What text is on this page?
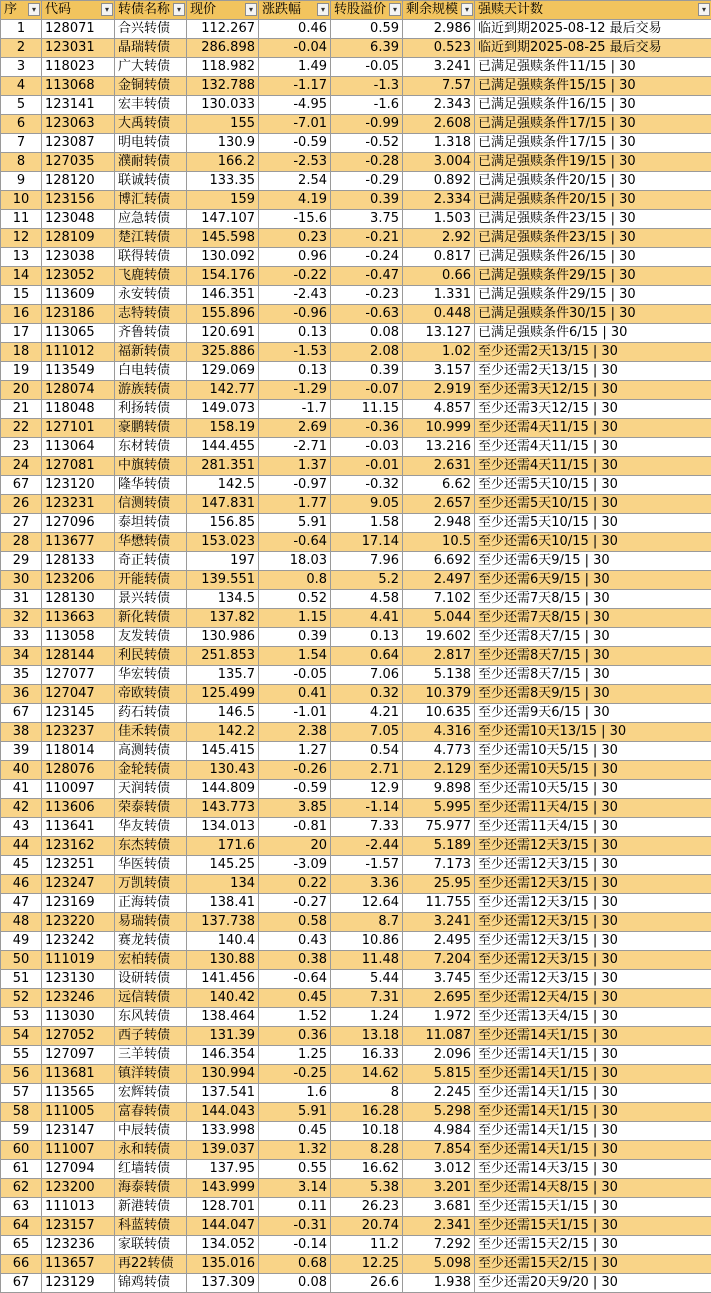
序 ▾	代码 ▾	转债名称 ▾	现价 ▾	涨跌幅 ▾	转股溢价 ▾	剩余规模 ▾	强赎天计数 ▾

1	128071	合兴转债	112.267	0.46	0.59	2.986	临近到期2025-08-12 最后交易
2	123031	晶瑞转债	286.898	-0.04	6.39	0.523	临近到期2025-08-25 最后交易
3	118023	广大转债	118.982	1.49	-0.05	3.241	已满足强赎条件11/15 | 30
4	113068	金铜转债	132.788	-1.17	-1.3	7.57	已满足强赎条件15/15 | 30
5	123141	宏丰转债	130.033	-4.95	-1.6	2.343	已满足强赎条件16/15 | 30
6	123063	大禹转债	155	-7.01	-0.99	2.608	已满足强赎条件17/15 | 30
7	123087	明电转债	130.9	-0.59	-0.52	1.318	已满足强赎条件17/15 | 30
8	127035	濮耐转债	166.2	-2.53	-0.28	3.004	已满足强赎条件19/15 | 30
9	128120	联诚转债	133.35	2.54	-0.29	0.892	已满足强赎条件20/15 | 30
10	123156	博汇转债	159	4.19	0.39	2.334	已满足强赎条件20/15 | 30
11	123048	应急转债	147.107	-15.6	3.75	1.503	已满足强赎条件23/15 | 30
12	128109	楚江转债	145.598	0.23	-0.21	2.92	已满足强赎条件23/15 | 30
13	123038	联得转债	130.092	0.96	-0.24	0.817	已满足强赎条件26/15 | 30
14	123052	飞鹿转债	154.176	-0.22	-0.47	0.66	已满足强赎条件29/15 | 30
15	113609	永安转债	146.351	-2.43	-0.23	1.331	已满足强赎条件29/15 | 30
16	123186	志特转债	155.896	-0.96	-0.63	0.448	已满足强赎条件30/15 | 30
17	113065	齐鲁转债	120.691	0.13	0.08	13.127	已满足强赎条件6/15 | 30
18	111012	福新转债	325.886	-1.53	2.08	1.02	至少还需2天13/15 | 30
19	113549	白电转债	129.069	0.13	0.39	3.157	至少还需2天13/15 | 30
20	128074	游族转债	142.77	-1.29	-0.07	2.919	至少还需3天12/15 | 30
21	118048	利扬转债	149.073	-1.7	11.15	4.857	至少还需3天12/15 | 30
22	127101	豪鹏转债	158.19	2.69	-0.36	10.999	至少还需4天11/15 | 30
23	113064	东材转债	144.455	-2.71	-0.03	13.216	至少还需4天11/15 | 30
24	127081	中旗转债	281.351	1.37	-0.01	2.631	至少还需4天11/15 | 30
67	123120	隆华转债	142.5	-0.97	-0.32	6.62	至少还需5天10/15 | 30
26	123231	信测转债	147.831	1.77	9.05	2.657	至少还需5天10/15 | 30
27	127096	泰坦转债	156.85	5.91	1.58	2.948	至少还需5天10/15 | 30
28	113677	华懋转债	153.023	-0.64	17.14	10.5	至少还需6天10/15 | 30
29	128133	奇正转债	197	18.03	7.96	6.692	至少还需6天9/15 | 30
30	123206	开能转债	139.551	0.8	5.2	2.497	至少还需6天9/15 | 30
31	128130	景兴转债	134.5	0.52	4.58	7.102	至少还需7天8/15 | 30
32	113663	新化转债	137.82	1.15	4.41	5.044	至少还需7天8/15 | 30
33	113058	友发转债	130.986	0.39	0.13	19.602	至少还需8天7/15 | 30
34	128144	利民转债	251.853	1.54	0.64	2.817	至少还需8天7/15 | 30
35	127077	华宏转债	135.7	-0.05	7.06	5.138	至少还需8天7/15 | 30
36	127047	帝欧转债	125.499	0.41	0.32	10.379	至少还需8天9/15 | 30
67	123145	药石转债	146.5	-1.01	4.21	10.635	至少还需9天6/15 | 30
38	123237	佳禾转债	142.2	2.38	7.05	4.316	至少还需10天13/15 | 30
39	118014	高测转债	145.415	1.27	0.54	4.773	至少还需10天5/15 | 30
40	128076	金轮转债	130.43	-0.26	2.71	2.129	至少还需10天5/15 | 30
41	110097	天润转债	144.809	-0.59	12.9	9.898	至少还需10天5/15 | 30
42	113606	荣泰转债	143.773	3.85	-1.14	5.995	至少还需11天4/15 | 30
43	113641	华友转债	134.013	-0.81	7.33	75.977	至少还需11天4/15 | 30
44	123162	东杰转债	171.6	20	-2.44	5.189	至少还需12天3/15 | 30
45	123251	华医转债	145.25	-3.09	-1.57	7.173	至少还需12天3/15 | 30
46	123247	万凯转债	134	0.22	3.36	25.95	至少还需12天3/15 | 30
47	123169	正海转债	138.41	-0.27	12.64	11.755	至少还需12天3/15 | 30
48	123220	易瑞转债	137.738	0.58	8.7	3.241	至少还需12天3/15 | 30
49	123242	赛龙转债	140.4	0.43	10.86	2.495	至少还需12天3/15 | 30
50	111019	宏柏转债	130.88	0.38	11.48	7.204	至少还需12天3/15 | 30
51	123130	设研转债	141.456	-0.64	5.44	3.745	至少还需12天3/15 | 30
52	123246	远信转债	140.42	0.45	7.31	2.695	至少还需12天4/15 | 30
53	113030	东风转债	138.464	1.52	1.24	1.972	至少还需13天4/15 | 30
54	127052	西子转债	131.39	0.36	13.18	11.087	至少还需14天1/15 | 30
55	127097	三羊转债	146.354	1.25	16.33	2.096	至少还需14天1/15 | 30
56	113681	镇洋转债	130.994	-0.25	14.62	5.815	至少还需14天1/15 | 30
57	113565	宏辉转债	137.541	1.6	8	2.245	至少还需14天1/15 | 30
58	111005	富春转债	144.043	5.91	16.28	5.298	至少还需14天1/15 | 30
59	123147	中辰转债	133.998	0.45	10.18	4.984	至少还需14天1/15 | 30
60	111007	永和转债	139.037	1.32	8.28	7.854	至少还需14天1/15 | 30
61	127094	红墙转债	137.95	0.55	16.62	3.012	至少还需14天3/15 | 30
62	123200	海泰转债	143.999	3.14	5.38	3.201	至少还需14天8/15 | 30
63	111013	新港转债	128.701	0.11	26.23	3.681	至少还需15天1/15 | 30
64	123157	科蓝转债	144.047	-0.31	20.74	2.341	至少还需15天1/15 | 30
65	123236	家联转债	134.052	-0.14	11.2	7.292	至少还需15天2/15 | 30
66	113657	再22转债	135.016	0.68	12.25	5.098	至少还需15天2/15 | 30
67	123129	锦鸡转债	137.309	0.08	26.6	1.938	至少还需20天9/20 | 30
